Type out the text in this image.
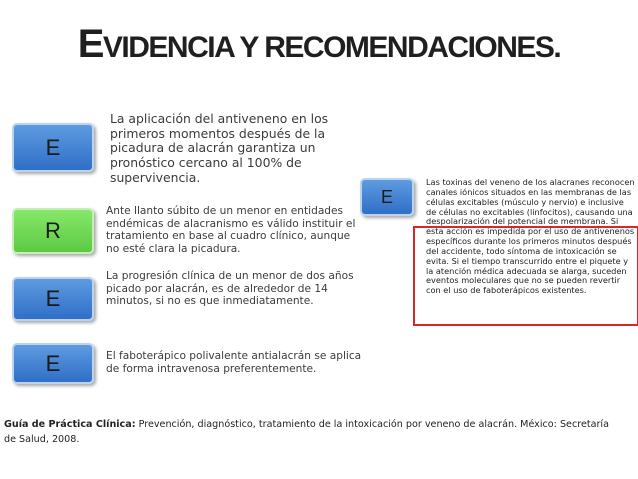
EVIDENCIA Y RECOMENDACIONES.
E
La aplicación del antiveneno en los primeros momentos después de la picadura de alacrán garantiza un pronóstico cercano al 100% de supervivencia.
R
Ante llanto súbito de un menor en entidades endémicas de alacranismo es válido instituir el tratamiento en base al cuadro clínico, aunque no esté clara la picadura.
E
La progresión clínica de un menor de dos años picado por alacrán, es de alrededor de 14 minutos, si no es que inmediatamente.
E	El faboterápico polivalente antialacrán se aplica de forma intravenosa preferentemente.
E
Las toxinas del veneno de los alacranes reconocen canales iónicos situados en las membranas de las células excitables (músculo y nervio) e inclusive de células no excitables (linfocitos), causando una despolarización del potencial de membrana. Si esta acción es impedida por el uso de antivenenos específicos durante los primeros minutos después del accidente, todo síntoma de intoxicación se evita. Si el tiempo transcurrido entre el piquete y la atención médica adecuada se alarga, suceden eventos moleculares que no se pueden revertir con el uso de faboterápicos existentes.
Guía de Práctica Clínica: Prevención, diagnóstico, tratamiento de la intoxicación por veneno de alacrán. México: Secretaría de Salud, 2008.
